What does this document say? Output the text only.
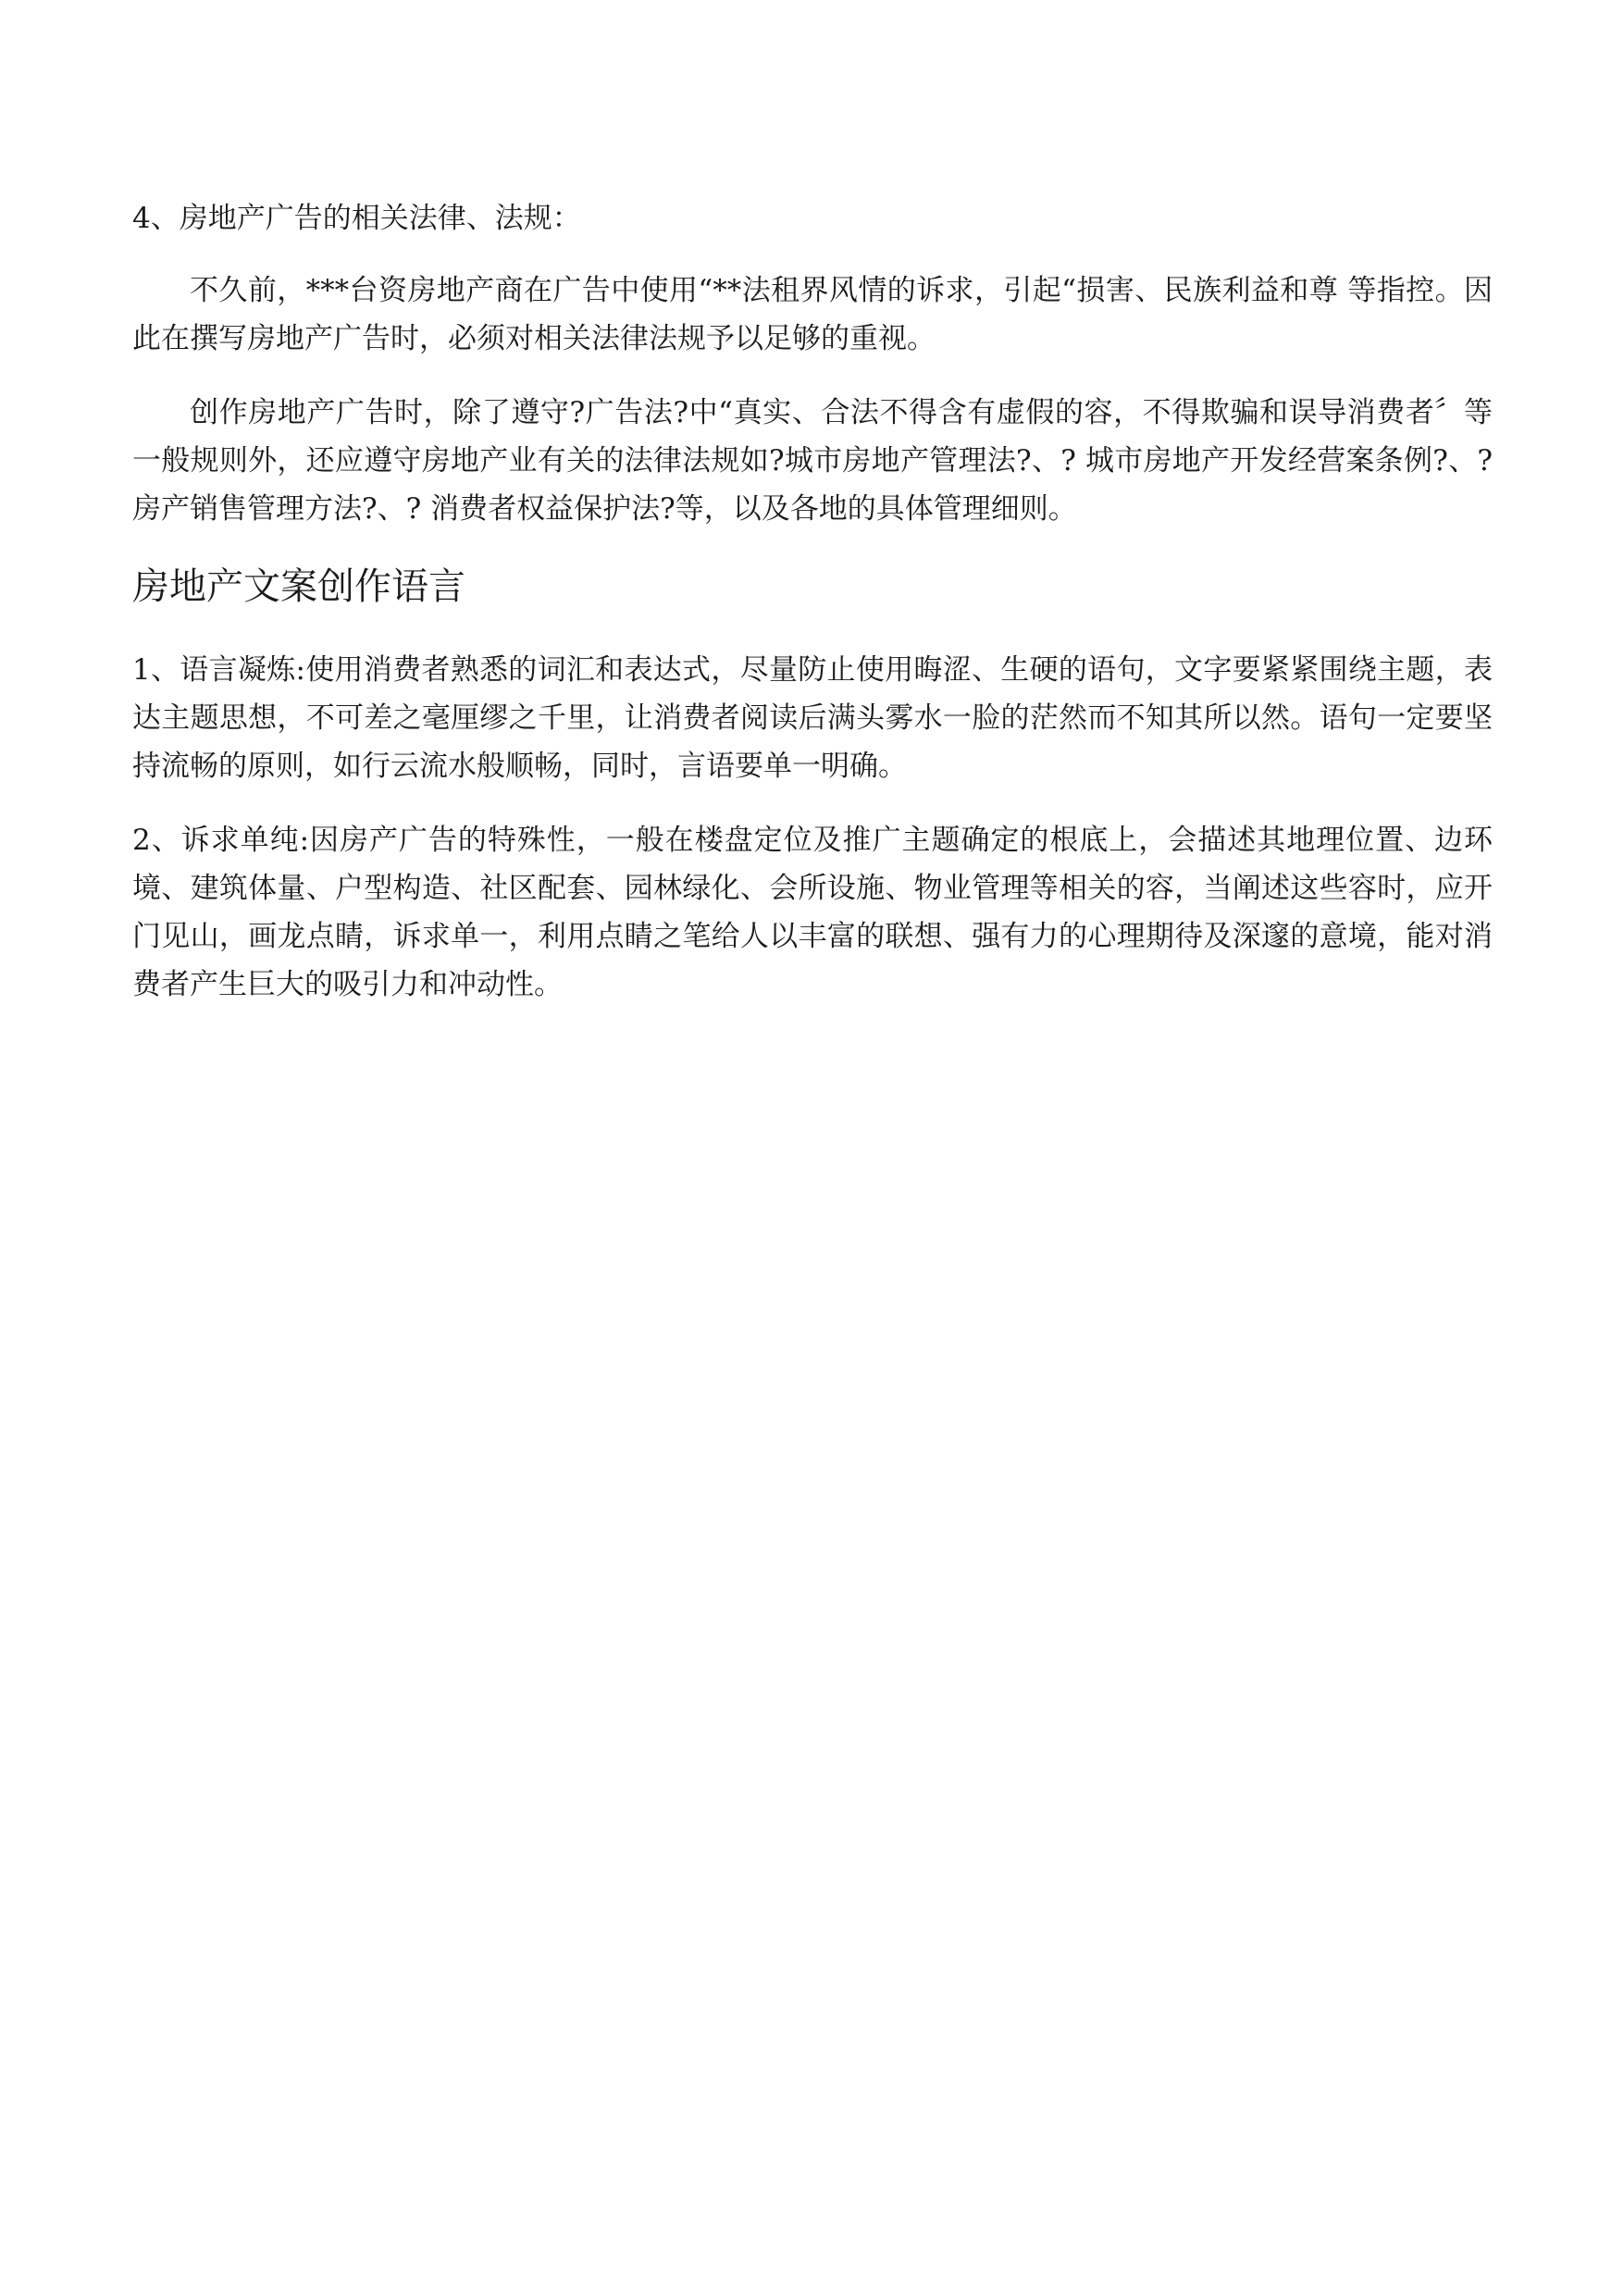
4、房地产广告的相关法律、法规：

不久前，***台资房地产商在广告中使用“**法租界风情的诉求，引起“损害、民族利益和尊 等指控。因此在撰写房地产广告时，必须对相关法律法规予以足够的重视。

创作房地产广告时，除了遵守?广告法?中“真实、合法不得含有虚假的容，不得欺骗和误导消费者〞等一般规则外，还应遵守房地产业有关的法律法规如?城市房地产管理法?、? 城市房地产开发经营案条例?、? 房产销售管理方法?、? 消费者权益保护法?等，以及各地的具体管理细则。

房地产文案创作语言

1、语言凝炼:使用消费者熟悉的词汇和表达式，尽量防止使用晦涩、生硬的语句，文字要紧紧围绕主题，表达主题思想，不可差之毫厘缪之千里，让消费者阅读后满头雾水一脸的茫然而不知其所以然。语句一定要坚持流畅的原则，如行云流水般顺畅，同时，言语要单一明确。

2、诉求单纯:因房产广告的特殊性，一般在楼盘定位及推广主题确定的根底上，会描述其地理位置、边环境、建筑体量、户型构造、社区配套、园林绿化、会所设施、物业管理等相关的容，当阐述这些容时，应开门见山，画龙点睛，诉求单一，利用点睛之笔给人以丰富的联想、强有力的心理期待及深邃的意境，能对消费者产生巨大的吸引力和冲动性。
